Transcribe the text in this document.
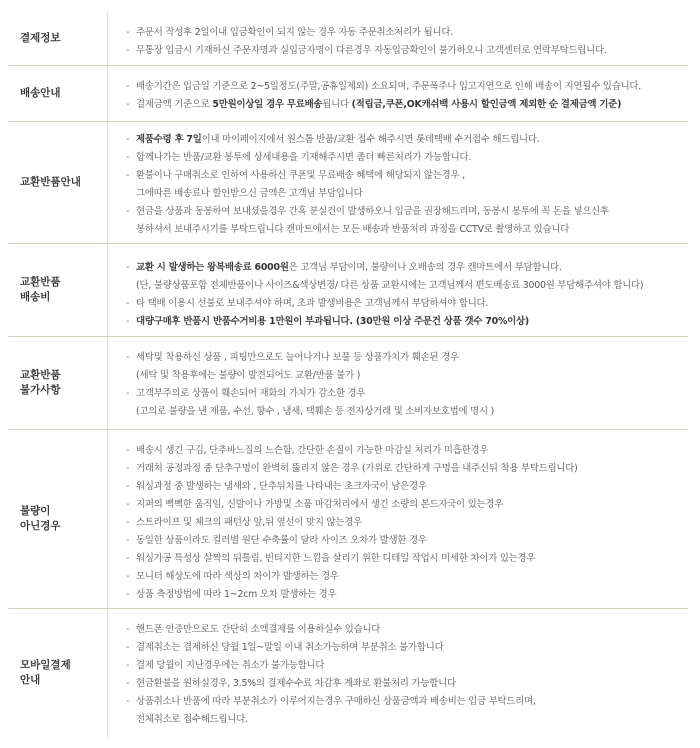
결제정보	- 주문서 작성후 2일이내 입금확인이 되지 않는 경우 자동 주문취소처리가 됩니다.
- 무통장 입금시 기재하신 주문자명과 실입금자명이 다른경우 자동입금확인이 불가하오니 고객센터로 연락부탁드립니다.
배송안내
- 배송기간은 입금일 기준으로 2~5일정도(주말,공휴일제외) 소요되며, 주문폭주나 입고지연으로 인해 배송이 지연될수 있습니다.
- 결제금액 기준으로 5만원이상일 경우 무료배송됩니다 (적립금,쿠폰,OK캐쉬백 사용시 할인금액 제외한 순 결제금액 기준)
교환반품안내
- 제품수령 후 7일이내 마이페이지에서 원스톱 반품/교환 접수 해주시면 롯데택배 수거접수 해드립니다.
- 함께나가는 반품/교환 봉투에 상세내용을 기재해주시면 좀더 빠른처리가 가능합니다.
- 환불이나 구매취소로 인하여 사용하신 쿠폰및 무료배송 혜택에 해당되지 않는경우 ,
그에따른 배송료나 할인받으신 금액은 고객님 부담입니다
- 현금을 상품과 동봉하여 보내셨을경우 간혹 분실건이 발생하오니 입금을 권장해드리며, 동봉시 봉투에 꼭 돈을 넣으신후
봉하셔서 보내주시기를 부탁드립니다 캔마트에서는 모든 배송과 반품처리 과정을 CCTV로 촬영하고 있습니다
교환반품
배송비
- 교환 시 발생하는 왕복배송료 6000원은 고객님 부담이며, 불량이나 오배송의 경우 캔마트에서 부담합니다.
(단, 불량상품포함 전체반품이나 사이즈&색상변경/ 다른 상품 교환시에는 고객님께서 편도배송료 3000원 부담해주셔야 합니다)
- 타 택배 이용시 선불로 보내주셔야 하며, 초과 발생비용은 고객님께서 부담하셔야 합니다.
- 대량구매후 반품시 반품수거비용 1만원이 부과됩니다. (30만원 이상 주문건 상품 갯수 70%이상)
교환반품
불가사항
- 세탁및 착용하신 상품 , 피팅만으로도 늘어나거나 보풀 등 상품가치가 훼손된 경우
(세탁 및 착용후에는 불량이 발견되어도 교환/반품 불가 )
- 고객부주의로 상품이 훼손되어 재화의 가치가 감소한 경우
(고의로 불량을 낸 제품, 수선, 향수 , 냄새, 택훼손 등 전자상거래 및 소비자보호법에 명시 )
불량이
아닌경우
- 배송시 생긴 구김, 단추바느질의 느슨함, 간단한 손질이 가능한 마감실 처리가 미흡한경우
- 거래처 공정과정 중 단추구멍이 완벽히 뚫리지 않은 경우 (가위로 간단하게 구멍을 내주신뒤 착용 부탁드립니다)
- 워싱과정 중 발생하는 냄새와 , 단추뒤치를 나타내는 초크자국이 남은경우
- 지퍼의 뻑뻑한 움직임, 신발이나 가방및 소품 마감처리에서 생긴 소량의 본드자국이 있는경우
- 스트라이프 및 체크의 패턴상 앞,뒤 옆선이 맞지 않는경우
- 동일한 상품이라도 컬러별 원단 수축률이 달라 사이즈 오차가 발생한 경우
- 워싱가공 특성상 살짝의 뒤틀림, 빈티지한 느낌을 살리기 위한 디테일 작업시 미세한 차이가 있는경우
- 모니터 해상도에 따라 색상의 차이가 발생하는 경우
- 상품 측정방법에 따라 1~2cm 오차 발생하는 경우
모바일결제
안내
- 핸드폰 인증만으로도 간단히 소액결제를 이용하실수 있습니다
- 결제취소는 결제하신 당월 1일~말일 이내 취소가능하며 부분취소 불가합니다
- 결제 당월이 지난경우에는 취소가 불가능합니다
- 현금환불을 원하실경우, 3.5%의 결제수수료 차감후 계좌로 환불처리 가능합니다
- 상품취소나 반품에 따라 부분취소가 이루어지는경우 구매하신 상품금액과 배송비는 입금 부탁드리며,
전체취소로 접수해드립니다.
